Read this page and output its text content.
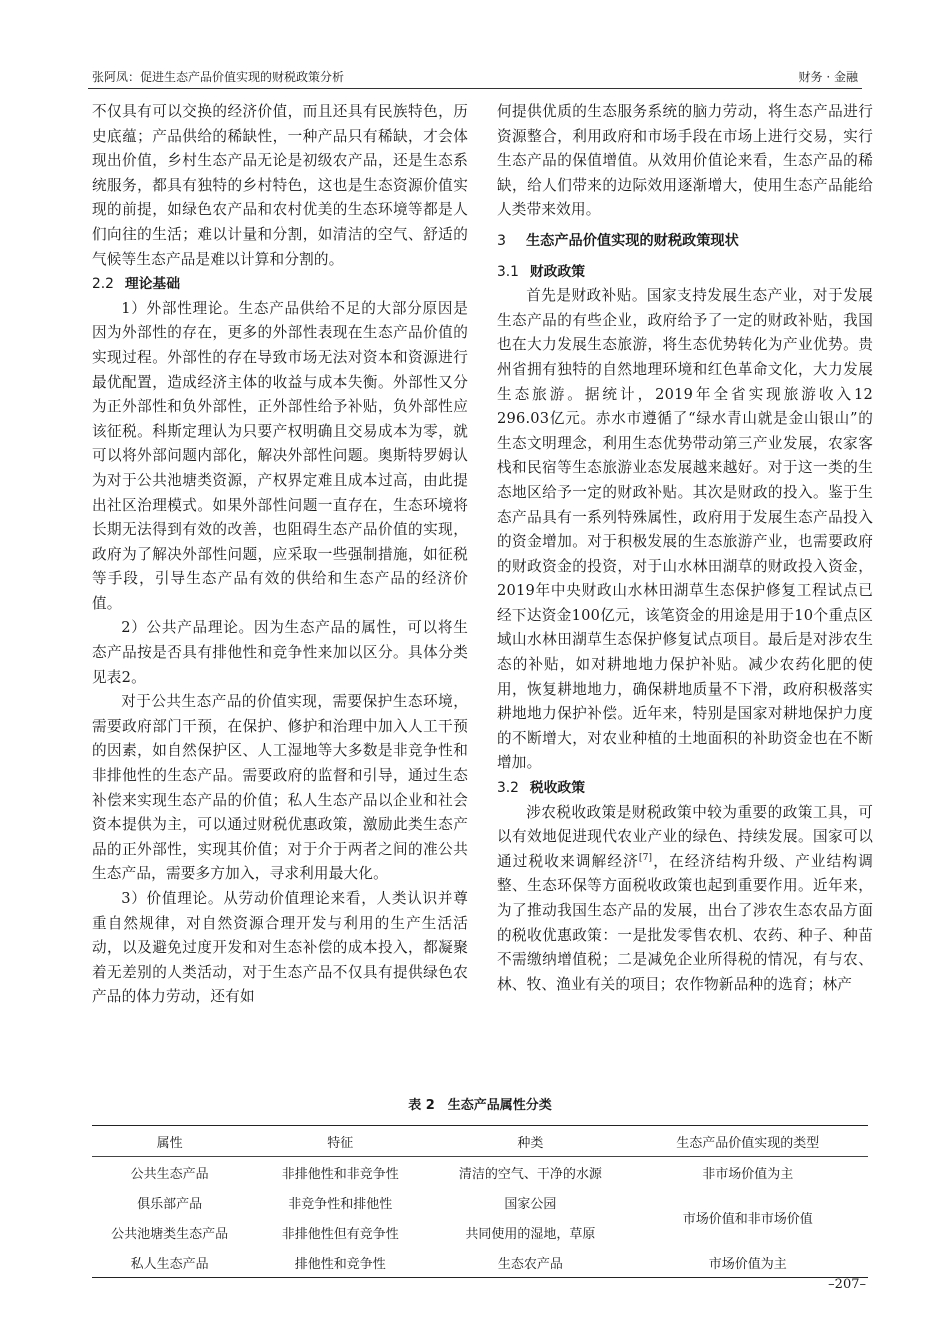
张阿凤：促进生态产品价值实现的财税政策分析	财务 · 金融

不仅具有可以交换的经济价值，而且还具有民族特色，历史底蕴；产品供给的稀缺性，一种产品只有稀缺，才会体现出价值，乡村生态产品无论是初级农产品，还是生态系统服务，都具有独特的乡村特色，这也是生态资源价值实现的前提，如绿色农产品和农村优美的生态环境等都是人们向往的生活；难以计量和分割，如清洁的空气、舒适的气候等生态产品是难以计算和分割的。

2.2 理论基础

1）外部性理论。生态产品供给不足的大部分原因是因为外部性的存在，更多的外部性表现在生态产品价值的实现过程。外部性的存在导致市场无法对资本和资源进行最优配置，造成经济主体的收益与成本失衡。外部性又分为正外部性和负外部性，正外部性给予补贴，负外部性应该征税。科斯定理认为只要产权明确且交易成本为零，就可以将外部问题内部化，解决外部性问题。奥斯特罗姆认为对于公共池塘类资源，产权界定难且成本过高，由此提出社区治理模式。如果外部性问题一直存在，生态环境将长期无法得到有效的改善，也阻碍生态产品价值的实现，政府为了解决外部性问题，应采取一些强制措施，如征税等手段，引导生态产品有效的供给和生态产品的经济价值。

2）公共产品理论。因为生态产品的属性，可以将生态产品按是否具有排他性和竞争性来加以区分。具体分类见表2。

对于公共生态产品的价值实现，需要保护生态环境，需要政府部门干预，在保护、修护和治理中加入人工干预的因素，如自然保护区、人工湿地等大多数是非竞争性和非排他性的生态产品。需要政府的监督和引导，通过生态补偿来实现生态产品的价值；私人生态产品以企业和社会资本提供为主，可以通过财税优惠政策，激励此类生态产品的正外部性，实现其价值；对于介于两者之间的准公共生态产品，需要多方加入，寻求利用最大化。

3）价值理论。从劳动价值理论来看，人类认识并尊重自然规律，对自然资源合理开发与利用的生产生活活动，以及避免过度开发和对生态补偿的成本投入，都凝聚着无差别的人类活动，对于生态产品不仅具有提供绿色农产品的体力劳动，还有如

何提供优质的生态服务系统的脑力劳动，将生态产品进行资源整合，利用政府和市场手段在市场上进行交易，实行生态产品的保值增值。从效用价值论来看，生态产品的稀缺，给人们带来的边际效用逐渐增大，使用生态产品能给人类带来效用。

3 生态产品价值实现的财税政策现状
3.1 财政政策

首先是财政补贴。国家支持发展生态产业，对于发展生态产品的有些企业，政府给予了一定的财政补贴，我国也在大力发展生态旅游，将生态优势转化为产业优势。贵州省拥有独特的自然地理环境和红色革命文化，大力发展生态旅游。据统计，2019年全省实现旅游收入12 296.03亿元。赤水市遵循了“绿水青山就是金山银山”的生态文明理念，利用生态优势带动第三产业发展，农家客栈和民宿等生态旅游业态发展越来越好。对于这一类的生态地区给予一定的财政补贴。其次是财政的投入。鉴于生态产品具有一系列特殊属性，政府用于发展生态产品投入的资金增加。对于积极发展的生态旅游产业，也需要政府的财政资金的投资，对于山水林田湖草的财政投入资金， 2019年中央财政山水林田湖草生态保护修复工程试点已经下达资金100亿元，该笔资金的用途是用于10个重点区域山水林田湖草生态保护修复试点项目。最后是对涉农生态的补贴，如对耕地地力保护补贴。减少农药化肥的使用，恢复耕地地力，确保耕地质量不下滑，政府积极落实耕地地力保护补偿。近年来，特别是国家对耕地保护力度的不断增大，对农业种植的土地面积的补助资金也在不断增加。

3.2 税收政策

涉农税收政策是财税政策中较为重要的政策工具，可以有效地促进现代农业产业的绿色、持续发展。国家可以通过税收来调解经济[7]，在经济结构升级、产业结构调整、生态环保等方面税收政策也起到重要作用。近年来，为了推动我国生态产品的发展，出台了涉农生态农品方面的税收优惠政策：一是批发零售农机、农药、种子、种苗不需缴纳增值税；二是减免企业所得税的情况，有与农、林、牧、渔业有关的项目；农作物新品种的选育；林产

表 2　生态产品属性分类
属性	特征	种类	生态产品价值实现的类型
公共生态产品	非排他性和非竞争性	清洁的空气、干净的水源	非市场价值为主
俱乐部产品	非竞争性和排他性	国家公园	市场价值和非市场价值
公共池塘类生态产品	非排他性但有竞争性	共同使用的湿地，草原	
私人生态产品	排他性和竞争性	生态农产品	市场价值为主
–207–
